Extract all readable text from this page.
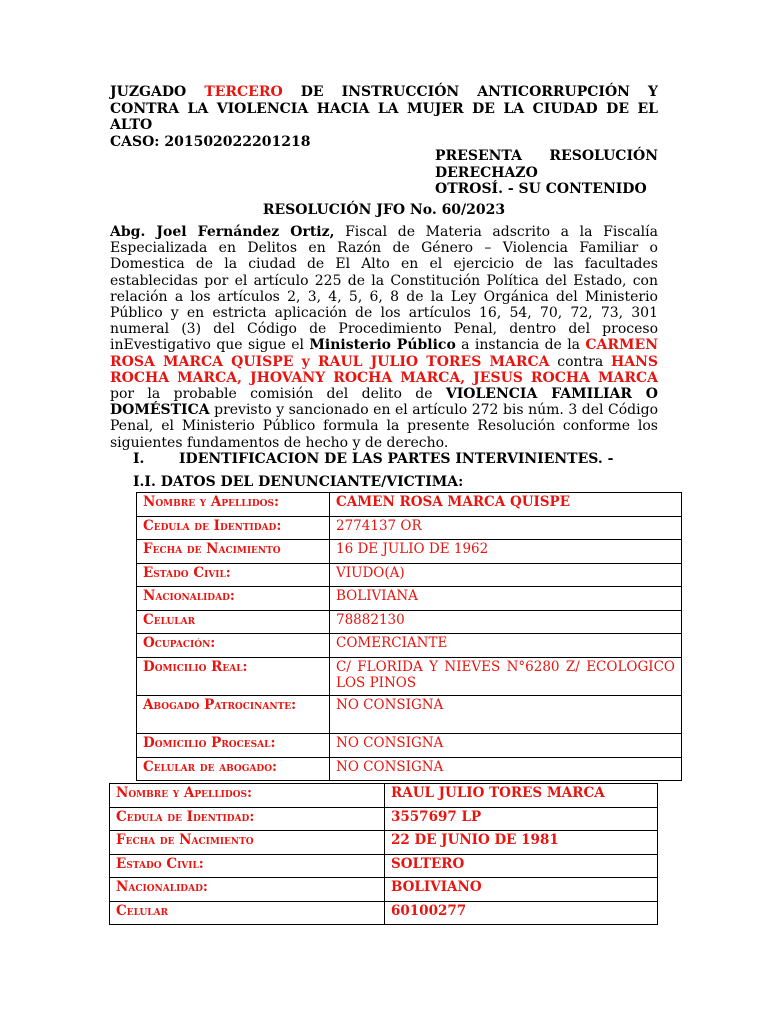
JUZGADO TERCERO DE INSTRUCCIÓN ANTICORRUPCIÓN Y CONTRA LA VIOLENCIA HACIA LA MUJER DE LA CIUDAD DE EL ALTO
CASO: 201502022201218
PRESENTA RESOLUCIÓN
DERECHAZO
OTROSÍ. - SU CONTENIDO
RESOLUCIÓN JFO No. 60/2023
Abg. Joel Fernández Ortiz, Fiscal de Materia adscrito a la Fiscalía Especializada en Delitos en Razón de Género – Violencia Familiar o Domestica de la ciudad de El Alto en el ejercicio de las facultades establecidas por el artículo 225 de la Constitución Política del Estado, con relación a los artículos 2, 3, 4, 5, 6, 8 de la Ley Orgánica del Ministerio Público y en estricta aplicación de los artículos 16, 54, 70, 72, 73, 301 numeral (3) del Código de Procedimiento Penal, dentro del proceso inEvestigativo que sigue el Ministerio Público a instancia de la CARMEN ROSA MARCA QUISPE y RAUL JULIO TORES MARCA contra HANS ROCHA MARCA, JHOVANY ROCHA MARCA, JESUS ROCHA MARCA por la probable comisión del delito de VIOLENCIA FAMILIAR O DOMÉSTICA previsto y sancionado en el artículo 272 bis núm. 3 del Código Penal, el Ministerio Público formula la presente Resolución conforme los siguientes fundamentos de hecho y de derecho.
I. IDENTIFICACION DE LAS PARTES INTERVINIENTES. -
I.I. DATOS DEL DENUNCIANTE/VICTIMA:
Nombre y Apellidos:	CAMEN ROSA MARCA QUISPE
Cedula de Identidad:	2774137 OR
Fecha de Nacimiento	16 DE JULIO DE 1962
Estado Civil:	VIUDO(A)
Nacionalidad:	BOLIVIANA
Celular	78882130
Ocupación:	COMERCIANTE
Domicilio Real:	C/ FLORIDA Y NIEVES N°6280 Z/ ECOLOGICO LOS PINOS
Abogado Patrocinante:	NO CONSIGNA
Domicilio Procesal:	NO CONSIGNA
Celular de abogado:	NO CONSIGNA
Nombre y Apellidos:	RAUL JULIO TORES MARCA
Cedula de Identidad:	3557697 LP
Fecha de Nacimiento	22 DE JUNIO DE 1981
Estado Civil:	SOLTERO
Nacionalidad:	BOLIVIANO
Celular	60100277
